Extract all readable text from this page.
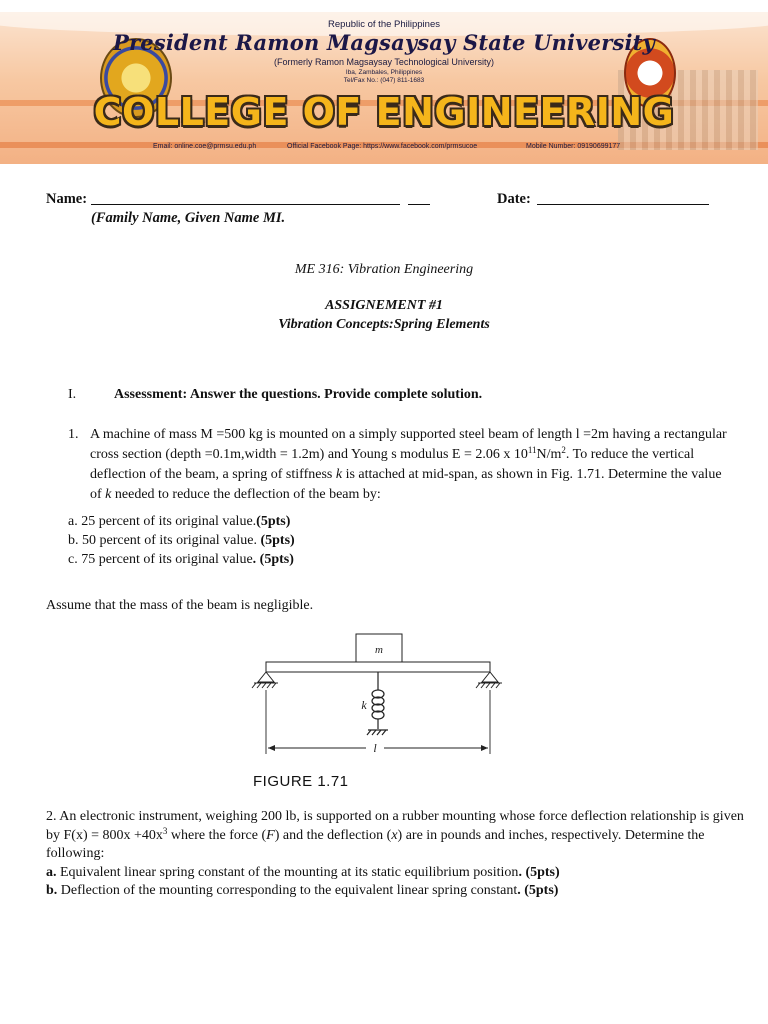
Republic of the Philippines
President Ramon Magsaysay State University
(Formerly Ramon Magsaysay Technological University)
Iba, Zambales, Philippines
Tel/Fax No.: (047) 811-1683
COLLEGE OF ENGINEERING
Email: online.coe@prmsu.edu.ph	Official Facebook Page: https://www.facebook.com/prmsucoe	Mobile Number: 09190699177
Name:	Date:
(Family Name, Given Name MI.
ME 316: Vibration Engineering
ASSIGNEMENT #1
Vibration Concepts:Spring Elements
I.	Assessment: Answer the questions. Provide complete solution.
1. A machine of mass M =500 kg is mounted on a simply supported steel beam of length l =2m having a rectangular cross section (depth =0.1m,width = 1.2m) and Young s modulus E = 2.06 x $10^{11}N/m^2$. To reduce the vertical deflection of the beam, a spring of stiffness k is attached at mid-span, as shown in Fig. 1.71. Determine the value of k needed to reduce the deflection of the beam by:
a. 25 percent of its original value.(5pts)
b. 50 percent of its original value. (5pts)
c. 75 percent of its original value. (5pts)
Assume that the mass of the beam is negligible.
m
k
l
FIGURE 1.71
2. An electronic instrument, weighing 200 lb, is supported on a rubber mounting whose force deflection relationship is given by $F(x) = 800x +40x^3$ where the force (F) and the deflection (x) are in pounds and inches, respectively. Determine the following:
a. Equivalent linear spring constant of the mounting at its static equilibrium position. (5pts)
b. Deflection of the mounting corresponding to the equivalent linear spring constant. (5pts)
